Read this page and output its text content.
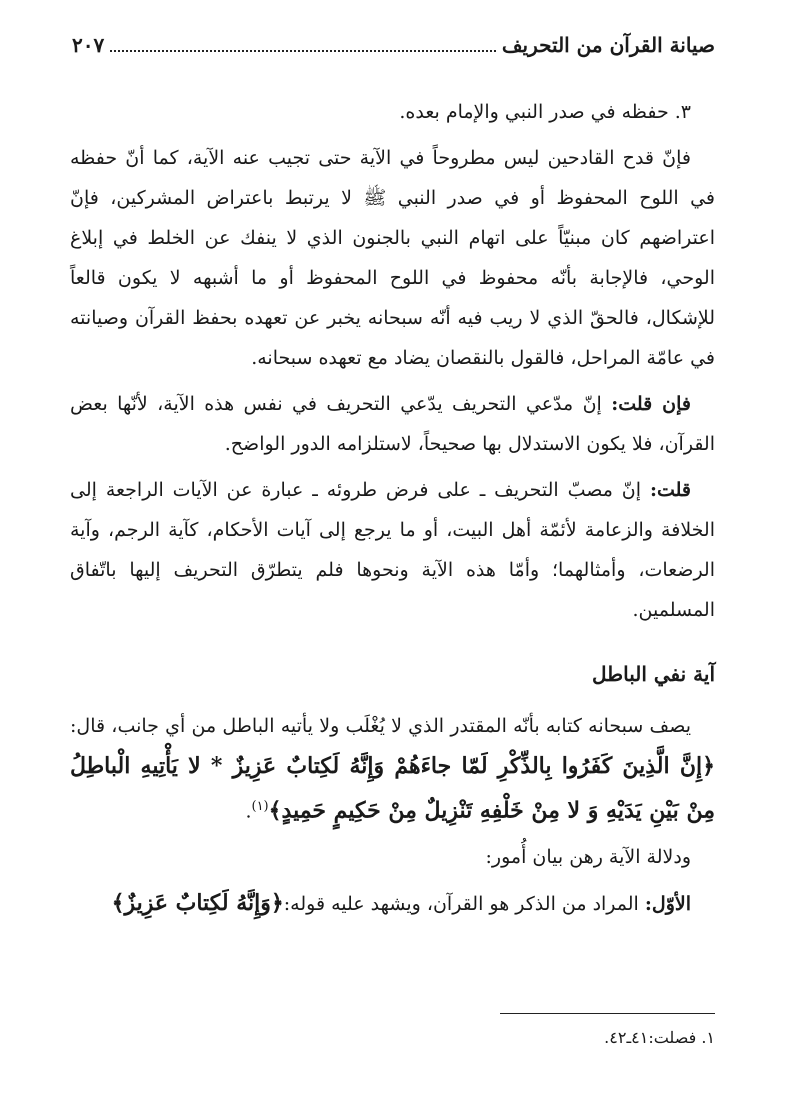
صيانة القرآن من التحريف
٢٠٧

٣. حفظه في صدر النبي والإمام بعده.

فإنّ قدح القادحين ليس مطروحاً في الآية حتى تجيب عنه الآية، كما أنّ حفظه في اللوح المحفوظ أو في صدر النبي ﷺ لا يرتبط باعتراض المشركين، فإنّ اعتراضهم كان مبنيّاً على اتهام النبي بالجنون الذي لا ينفك عن الخلط في إبلاغ الوحي، فالإجابة بأنّه محفوظ في اللوح المحفوظ أو ما أشبهه لا يكون قالعاً للإشكال، فالحقّ الذي لا ريب فيه أنّه سبحانه يخبر عن تعهده بحفظ القرآن وصيانته في عامّة المراحل، فالقول بالنقصان يضاد مع تعهده سبحانه.

فإن قلت: إنّ مدّعي التحريف يدّعي التحريف في نفس هذه الآية، لأنّها بعض القرآن، فلا يكون الاستدلال بها صحيحاً، لاستلزامه الدور الواضح.

قلت: إنّ مصبّ التحريف ـ على فرض طروئه ـ عبارة عن الآيات الراجعة إلى الخلافة والزعامة لأئمّة أهل البيت، أو ما يرجع إلى آيات الأحكام، كآية الرجم، وآية الرضعات، وأمثالهما؛ وأمّا هذه الآية ونحوها فلم يتطرّق التحريف إليها باتّفاق المسلمين.

آية نفي الباطل

يصف سبحانه كتابه بأنّه المقتدر الذي لا يُغْلَب ولا يأتيه الباطل من أي جانب، قال:﴿إِنَّ الَّذِينَ كَفَرُوا بِالذِّكْرِ لَمّا جاءَهُمْ وَإِنَّهُ لَكِتابٌ عَزِيزٌ * لا يَأْتِيهِ الْباطِلُ مِنْ بَيْنِ يَدَيْهِ وَ لا مِنْ خَلْفِهِ تَنْزِيلٌ مِنْ حَكِيمٍ حَمِيدٍ﴾$^{(١)}$.

ودلالة الآية رهن بيان أُمور:

الأوّل: المراد من الذكر هو القرآن، ويشهد عليه قوله:﴿وَإِنَّهُ لَكِتابٌ عَزِيزٌ﴾

١. فصلت:٤١ـ٤٢.
